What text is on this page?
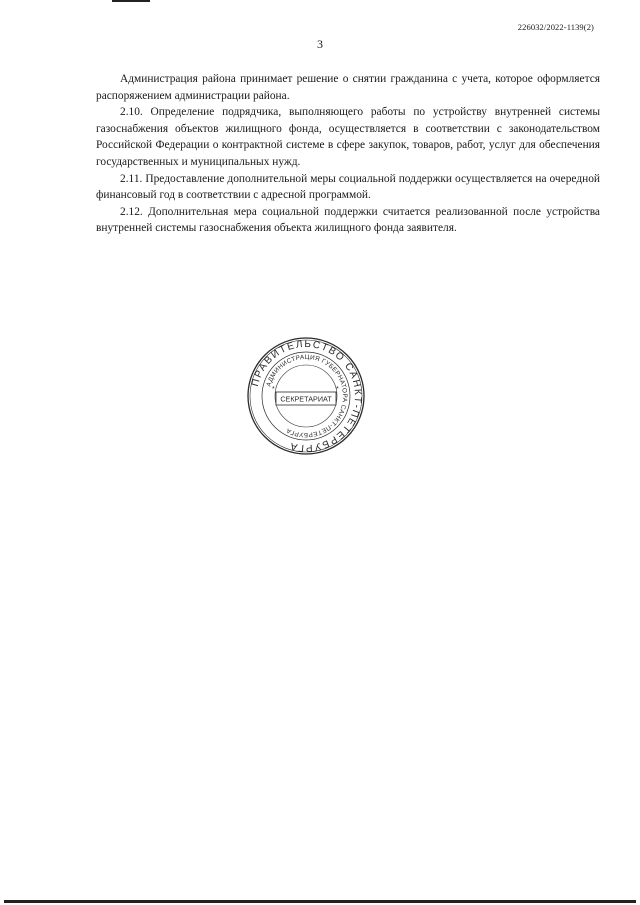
226032/2022-1139(2)
3

Администрация района принимает решение о снятии гражданина с учета, которое оформляется распоряжением администрации района.

2.10. Определение подрядчика, выполняющего работы по устройству внутренней системы газоснабжения объектов жилищного фонда, осуществляется в соответствии с законодательством Российской Федерации о контрактной системе в сфере закупок, товаров, работ, услуг для обеспечения государственных и муниципальных нужд.

2.11. Предоставление дополнительной меры социальной поддержки осуществляется на очередной финансовый год в соответствии с адресной программой.

2.12. Дополнительная мера социальной поддержки считается реализованной после устройства внутренней системы газоснабжения объекта жилищного фонда заявителя.

ПРАВИТЕЛЬСТВО САНКТ-ПЕТЕРБУРГА
АДМИНИСТРАЦИЯ ГУБЕРНАТОРА САНКТ-ПЕТЕРБУРГА
*	*
СЕКРЕТАРИАТ
